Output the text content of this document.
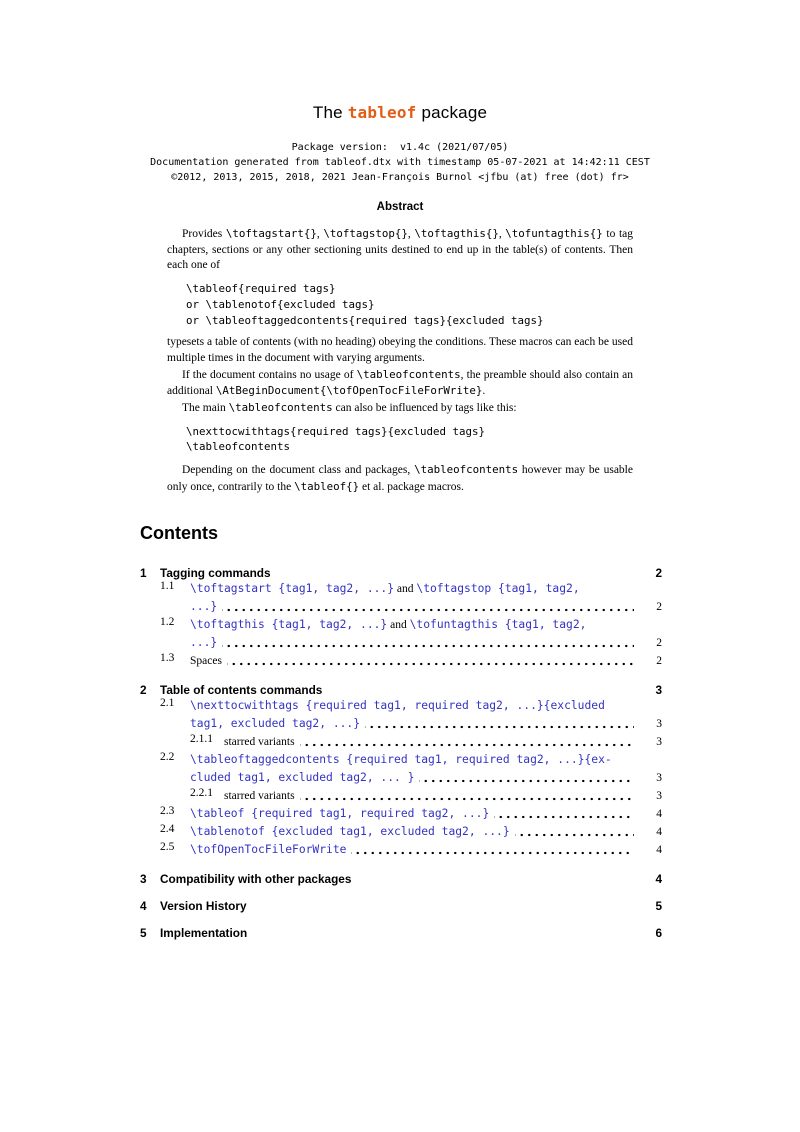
The tableof package
Package version:  v1.4c (2021/07/05)
Documentation generated from tableof.dtx with timestamp 05-07-2021 at 14:42:11 CEST
©2012, 2013, 2015, 2018, 2021 Jean-François Burnol <jfbu (at) free (dot) fr>
Abstract

Provides \toftagstart{}, \toftagstop{}, \toftagthis{}, \tofuntagthis{} to tag chapters, sections or any other sectioning units destined to end up in the table(s) of contents. Then each one of

\tableof{required tags}
or \tablenotof{excluded tags}
or \tableoftaggedcontents{required tags}{excluded tags}

typesets a table of contents (with no heading) obeying the conditions. These macros can each be used multiple times in the document with varying arguments.

If the document contains no usage of \tableofcontents, the preamble should also contain an additional \AtBeginDocument{\tofOpenTocFileForWrite}.

The main \tableofcontents can also be influenced by tags like this:

\nexttocwithtags{required tags}{excluded tags}
\tableofcontents

Depending on the document class and packages, \tableofcontents however may be usable only once, contrarily to the \tableof{} et al. package macros.

Contents
1	Tagging commands	2
1.1	\toftagstart {tag1, tag2, ...} and \toftagstop {tag1, tag2,
...}	2
1.2	\toftagthis {tag1, tag2, ...} and \tofuntagthis {tag1, tag2,
...}	2
1.3	Spaces	2
2	Table of contents commands	3
2.1	\nexttocwithtags {required tag1, required tag2, ...}{excluded
tag1, excluded tag2, ...}	3
2.1.1 starred variants	3
2.2	\tableoftaggedcontents {required tag1, required tag2, ...}{ex-
cluded tag1, excluded tag2, ... }	3
2.2.1 starred variants	3
2.3	\tableof {required tag1, required tag2, ...}	4
2.4	\tablenotof {excluded tag1, excluded tag2, ...}	4
2.5	\tofOpenTocFileForWrite	4
3	Compatibility with other packages	4
4	Version History	5
5	Implementation	6
